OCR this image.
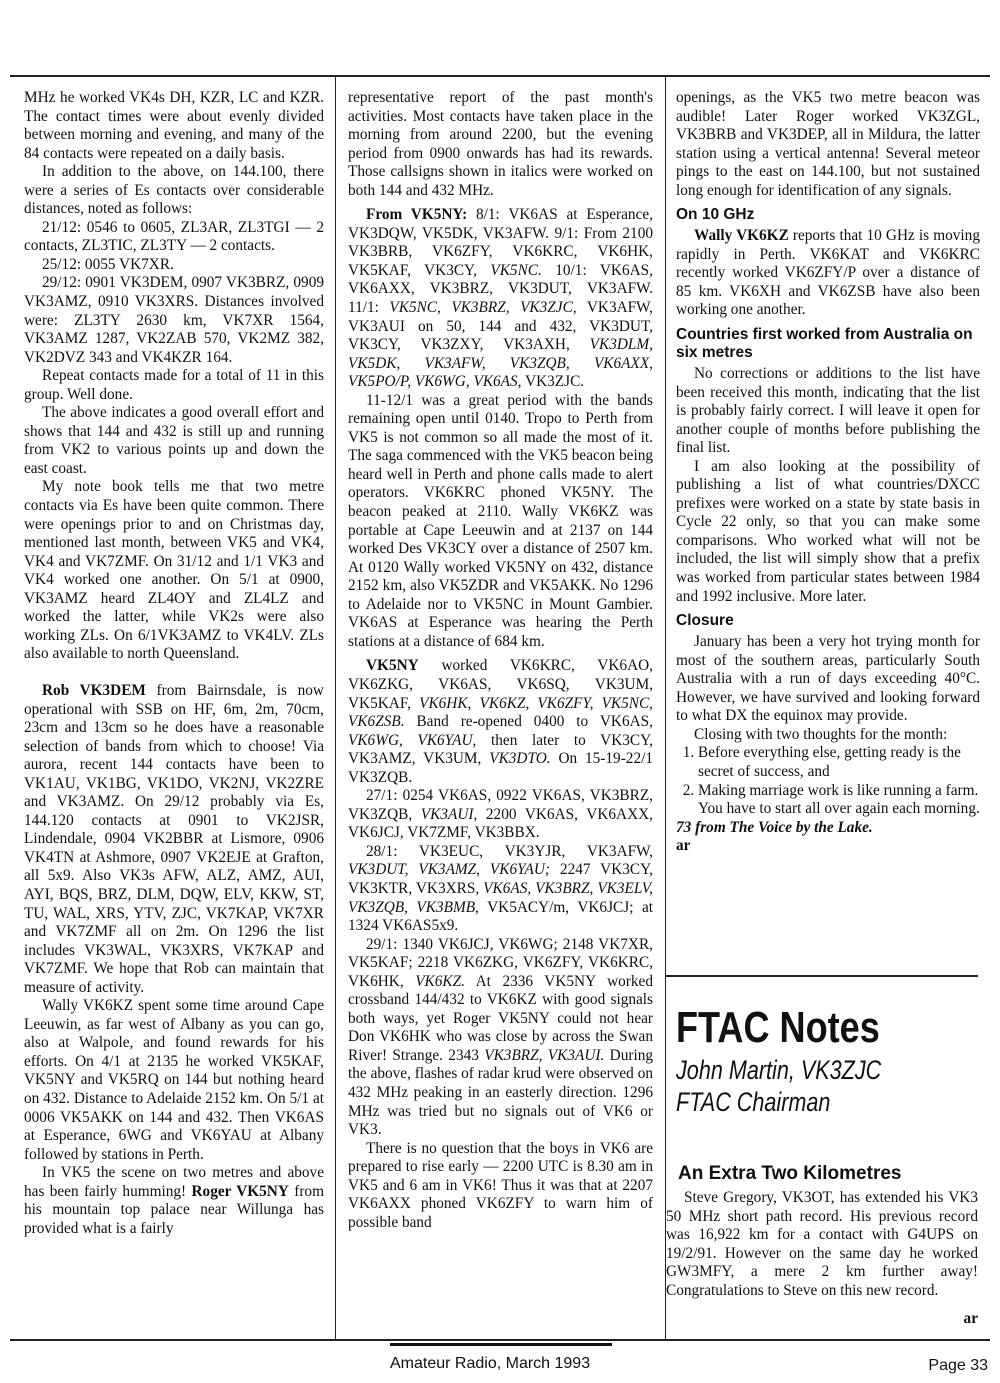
MHz he worked VK4s DH, KZR, LC and KZR. The contact times were about evenly divided between morning and evening, and many of the 84 contacts were repeated on a daily basis.

In addition to the above, on 144.100, there were a series of Es contacts over considerable distances, noted as follows:

21/12: 0546 to 0605, ZL3AR, ZL3TGI — 2 contacts, ZL3TIC, ZL3TY — 2 contacts.

25/12: 0055 VK7XR.

29/12: 0901 VK3DEM, 0907 VK3BRZ, 0909 VK3AMZ, 0910 VK3XRS. Distances involved were: ZL3TY 2630 km, VK7XR 1564, VK3AMZ 1287, VK2ZAB 570, VK2MZ 382, VK2DVZ 343 and VK4KZR 164.

Repeat contacts made for a total of 11 in this group. Well done.

The above indicates a good overall effort and shows that 144 and 432 is still up and running from VK2 to various points up and down the east coast.

My note book tells me that two metre contacts via Es have been quite common. There were openings prior to and on Christmas day, mentioned last month, between VK5 and VK4, VK4 and VK7ZMF. On 31/12 and 1/1 VK3 and VK4 worked one another. On 5/1 at 0900, VK3AMZ heard ZL4OY and ZL4LZ and worked the latter, while VK2s were also working ZLs. On 6/1VK3AMZ to VK4LV. ZLs also available to north Queensland.

Rob VK3DEM from Bairnsdale, is now operational with SSB on HF, 6m, 2m, 70cm, 23cm and 13cm so he does have a reasonable selection of bands from which to choose! Via aurora, recent 144 contacts have been to VK1AU, VK1BG, VK1DO, VK2NJ, VK2ZRE and VK3AMZ. On 29/12 probably via Es, 144.120 contacts at 0901 to VK2JSR, Lindendale, 0904 VK2BBR at Lismore, 0906 VK4TN at Ashmore, 0907 VK2EJE at Grafton, all 5x9. Also VK3s AFW, ALZ, AMZ, AUI, AYI, BQS, BRZ, DLM, DQW, ELV, KKW, ST, TU, WAL, XRS, YTV, ZJC, VK7KAP, VK7XR and VK7ZMF all on 2m. On 1296 the list includes VK3WAL, VK3XRS, VK7KAP and VK7ZMF. We hope that Rob can maintain that measure of activity.

Wally VK6KZ spent some time around Cape Leeuwin, as far west of Albany as you can go, also at Walpole, and found rewards for his efforts. On 4/1 at 2135 he worked VK5KAF, VK5NY and VK5RQ on 144 but nothing heard on 432. Distance to Adelaide 2152 km. On 5/1 at 0006 VK5AKK on 144 and 432. Then VK6AS at Esperance, 6WG and VK6YAU at Albany followed by stations in Perth.

In VK5 the scene on two metres and above has been fairly humming! Roger VK5NY from his mountain top palace near Willunga has provided what is a fairly

representative report of the past month's activities. Most contacts have taken place in the morning from around 2200, but the evening period from 0900 onwards has had its rewards. Those callsigns shown in italics were worked on both 144 and 432 MHz.

From VK5NY: 8/1: VK6AS at Esperance, VK3DQW, VK5DK, VK3AFW. 9/1: From 2100 VK3BRB, VK6ZFY, VK6KRC, VK6HK, VK5KAF, VK3CY, VK5NC. 10/1: VK6AS, VK6AXX, VK3BRZ, VK3DUT, VK3AFW. 11/1: VK5NC, VK3BRZ, VK3ZJC, VK3AFW, VK3AUI on 50, 144 and 432, VK3DUT, VK3CY, VK3ZXY, VK3AXH, VK3DLM, VK5DK, VK3AFW, VK3ZQB, VK6AXX, VK5PO/P, VK6WG, VK6AS, VK3ZJC.

11-12/1 was a great period with the bands remaining open until 0140. Tropo to Perth from VK5 is not common so all made the most of it. The saga commenced with the VK5 beacon being heard well in Perth and phone calls made to alert operators. VK6KRC phoned VK5NY. The beacon peaked at 2110. Wally VK6KZ was portable at Cape Leeuwin and at 2137 on 144 worked Des VK3CY over a distance of 2507 km. At 0120 Wally worked VK5NY on 432, distance 2152 km, also VK5ZDR and VK5AKK. No 1296 to Adelaide nor to VK5NC in Mount Gambier. VK6AS at Esperance was hearing the Perth stations at a distance of 684 km.

VK5NY worked VK6KRC, VK6AO, VK6ZKG, VK6AS, VK6SQ, VK3UM, VK5KAF, VK6HK, VK6KZ, VK6ZFY, VK5NC, VK6ZSB. Band re-opened 0400 to VK6AS, VK6WG, VK6YAU, then later to VK3CY, VK3AMZ, VK3UM, VK3DTO. On 15-19-22/1 VK3ZQB.

27/1: 0254 VK6AS, 0922 VK6AS, VK3BRZ, VK3ZQB, VK3AUI, 2200 VK6AS, VK6AXX, VK6JCJ, VK7ZMF, VK3BBX.

28/1: VK3EUC, VK3YJR, VK3AFW, VK3DUT, VK3AMZ, VK6YAU; 2247 VK3CY, VK3KTR, VK3XRS, VK6AS, VK3BRZ, VK3ELV, VK3ZQB, VK3BMB, VK5ACY/m, VK6JCJ; at 1324 VK6AS5x9.

29/1: 1340 VK6JCJ, VK6WG; 2148 VK7XR, VK5KAF; 2218 VK6ZKG, VK6ZFY, VK6KRC, VK6HK, VK6KZ. At 2336 VK5NY worked crossband 144/432 to VK6KZ with good signals both ways, yet Roger VK5NY could not hear Don VK6HK who was close by across the Swan River! Strange. 2343 VK3BRZ, VK3AUI. During the above, flashes of radar krud were observed on 432 MHz peaking in an easterly direction. 1296 MHz was tried but no signals out of VK6 or VK3.

There is no question that the boys in VK6 are prepared to rise early — 2200 UTC is 8.30 am in VK5 and 6 am in VK6! Thus it was that at 2207 VK6AXX phoned VK6ZFY to warn him of possible band

openings, as the VK5 two metre beacon was audible! Later Roger worked VK3ZGL, VK3BRB and VK3DEP, all in Mildura, the latter station using a vertical antenna! Several meteor pings to the east on 144.100, but not sustained long enough for identification of any signals.

On 10 GHz

Wally VK6KZ reports that 10 GHz is moving rapidly in Perth. VK6KAT and VK6KRC recently worked VK6ZFY/P over a distance of 85 km. VK6XH and VK6ZSB have also been working one another.

Countries first worked from Australia on six metres

No corrections or additions to the list have been received this month, indicating that the list is probably fairly correct. I will leave it open for another couple of months before publishing the final list.

I am also looking at the possibility of publishing a list of what countries/DXCC prefixes were worked on a state by state basis in Cycle 22 only, so that you can make some comparisons. Who worked what will not be included, the list will simply show that a prefix was worked from particular states between 1984 and 1992 inclusive. More later.

Closure

January has been a very hot trying month for most of the southern areas, particularly South Australia with a run of days exceeding 40°C. However, we have survived and looking forward to what DX the equinox may provide.

Closing with two thoughts for the month:

1. Before everything else, getting ready is the secret of success, and
2. Making marriage work is like running a farm. You have to start all over again each morning.

73 from The Voice by the Lake.

ar

FTAC Notes
John Martin, VK3ZJC
FTAC Chairman
An Extra Two Kilometres

Steve Gregory, VK3OT, has extended his VK3 50 MHz short path record. His previous record was 16,922 km for a contact with G4UPS on 19/2/91. However on the same day he worked GW3MFY, a mere 2 km further away! Congratulations to Steve on this new record.

ar

Amateur Radio, March 1993	Page 33
